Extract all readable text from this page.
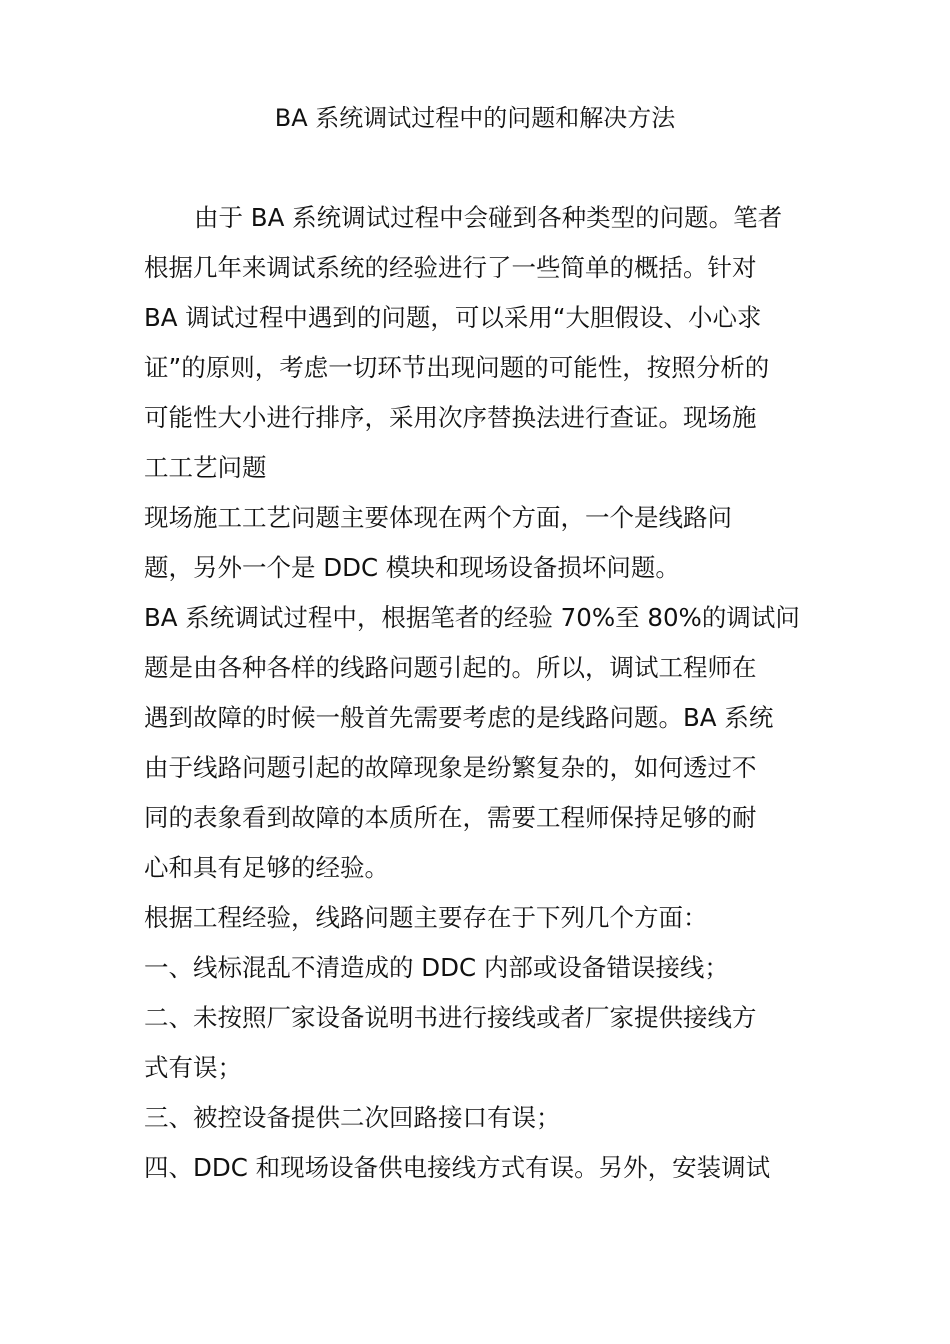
BA 系统调试过程中的问题和解决方法
由于 BA 系统调试过程中会碰到各种类型的问题。笔者
根据几年来调试系统的经验进行了一些简单的概括。针对
BA 调试过程中遇到的问题，可以采用“大胆假设、小心求
证”的原则，考虑一切环节出现问题的可能性，按照分析的
可能性大小进行排序，采用次序替换法进行查证。现场施
工工艺问题
现场施工工艺问题主要体现在两个方面，一个是线路问
题，另外一个是 DDC 模块和现场设备损坏问题。
BA 系统调试过程中，根据笔者的经验 70%至 80%的调试问
题是由各种各样的线路问题引起的。所以，调试工程师在
遇到故障的时候一般首先需要考虑的是线路问题。BA 系统
由于线路问题引起的故障现象是纷繁复杂的，如何透过不
同的表象看到故障的本质所在，需要工程师保持足够的耐
心和具有足够的经验。
根据工程经验，线路问题主要存在于下列几个方面：
一、线标混乱不清造成的 DDC 内部或设备错误接线；
二、未按照厂家设备说明书进行接线或者厂家提供接线方
式有误；
三、被控设备提供二次回路接口有误；
四、DDC 和现场设备供电接线方式有误。另外，安装调试
